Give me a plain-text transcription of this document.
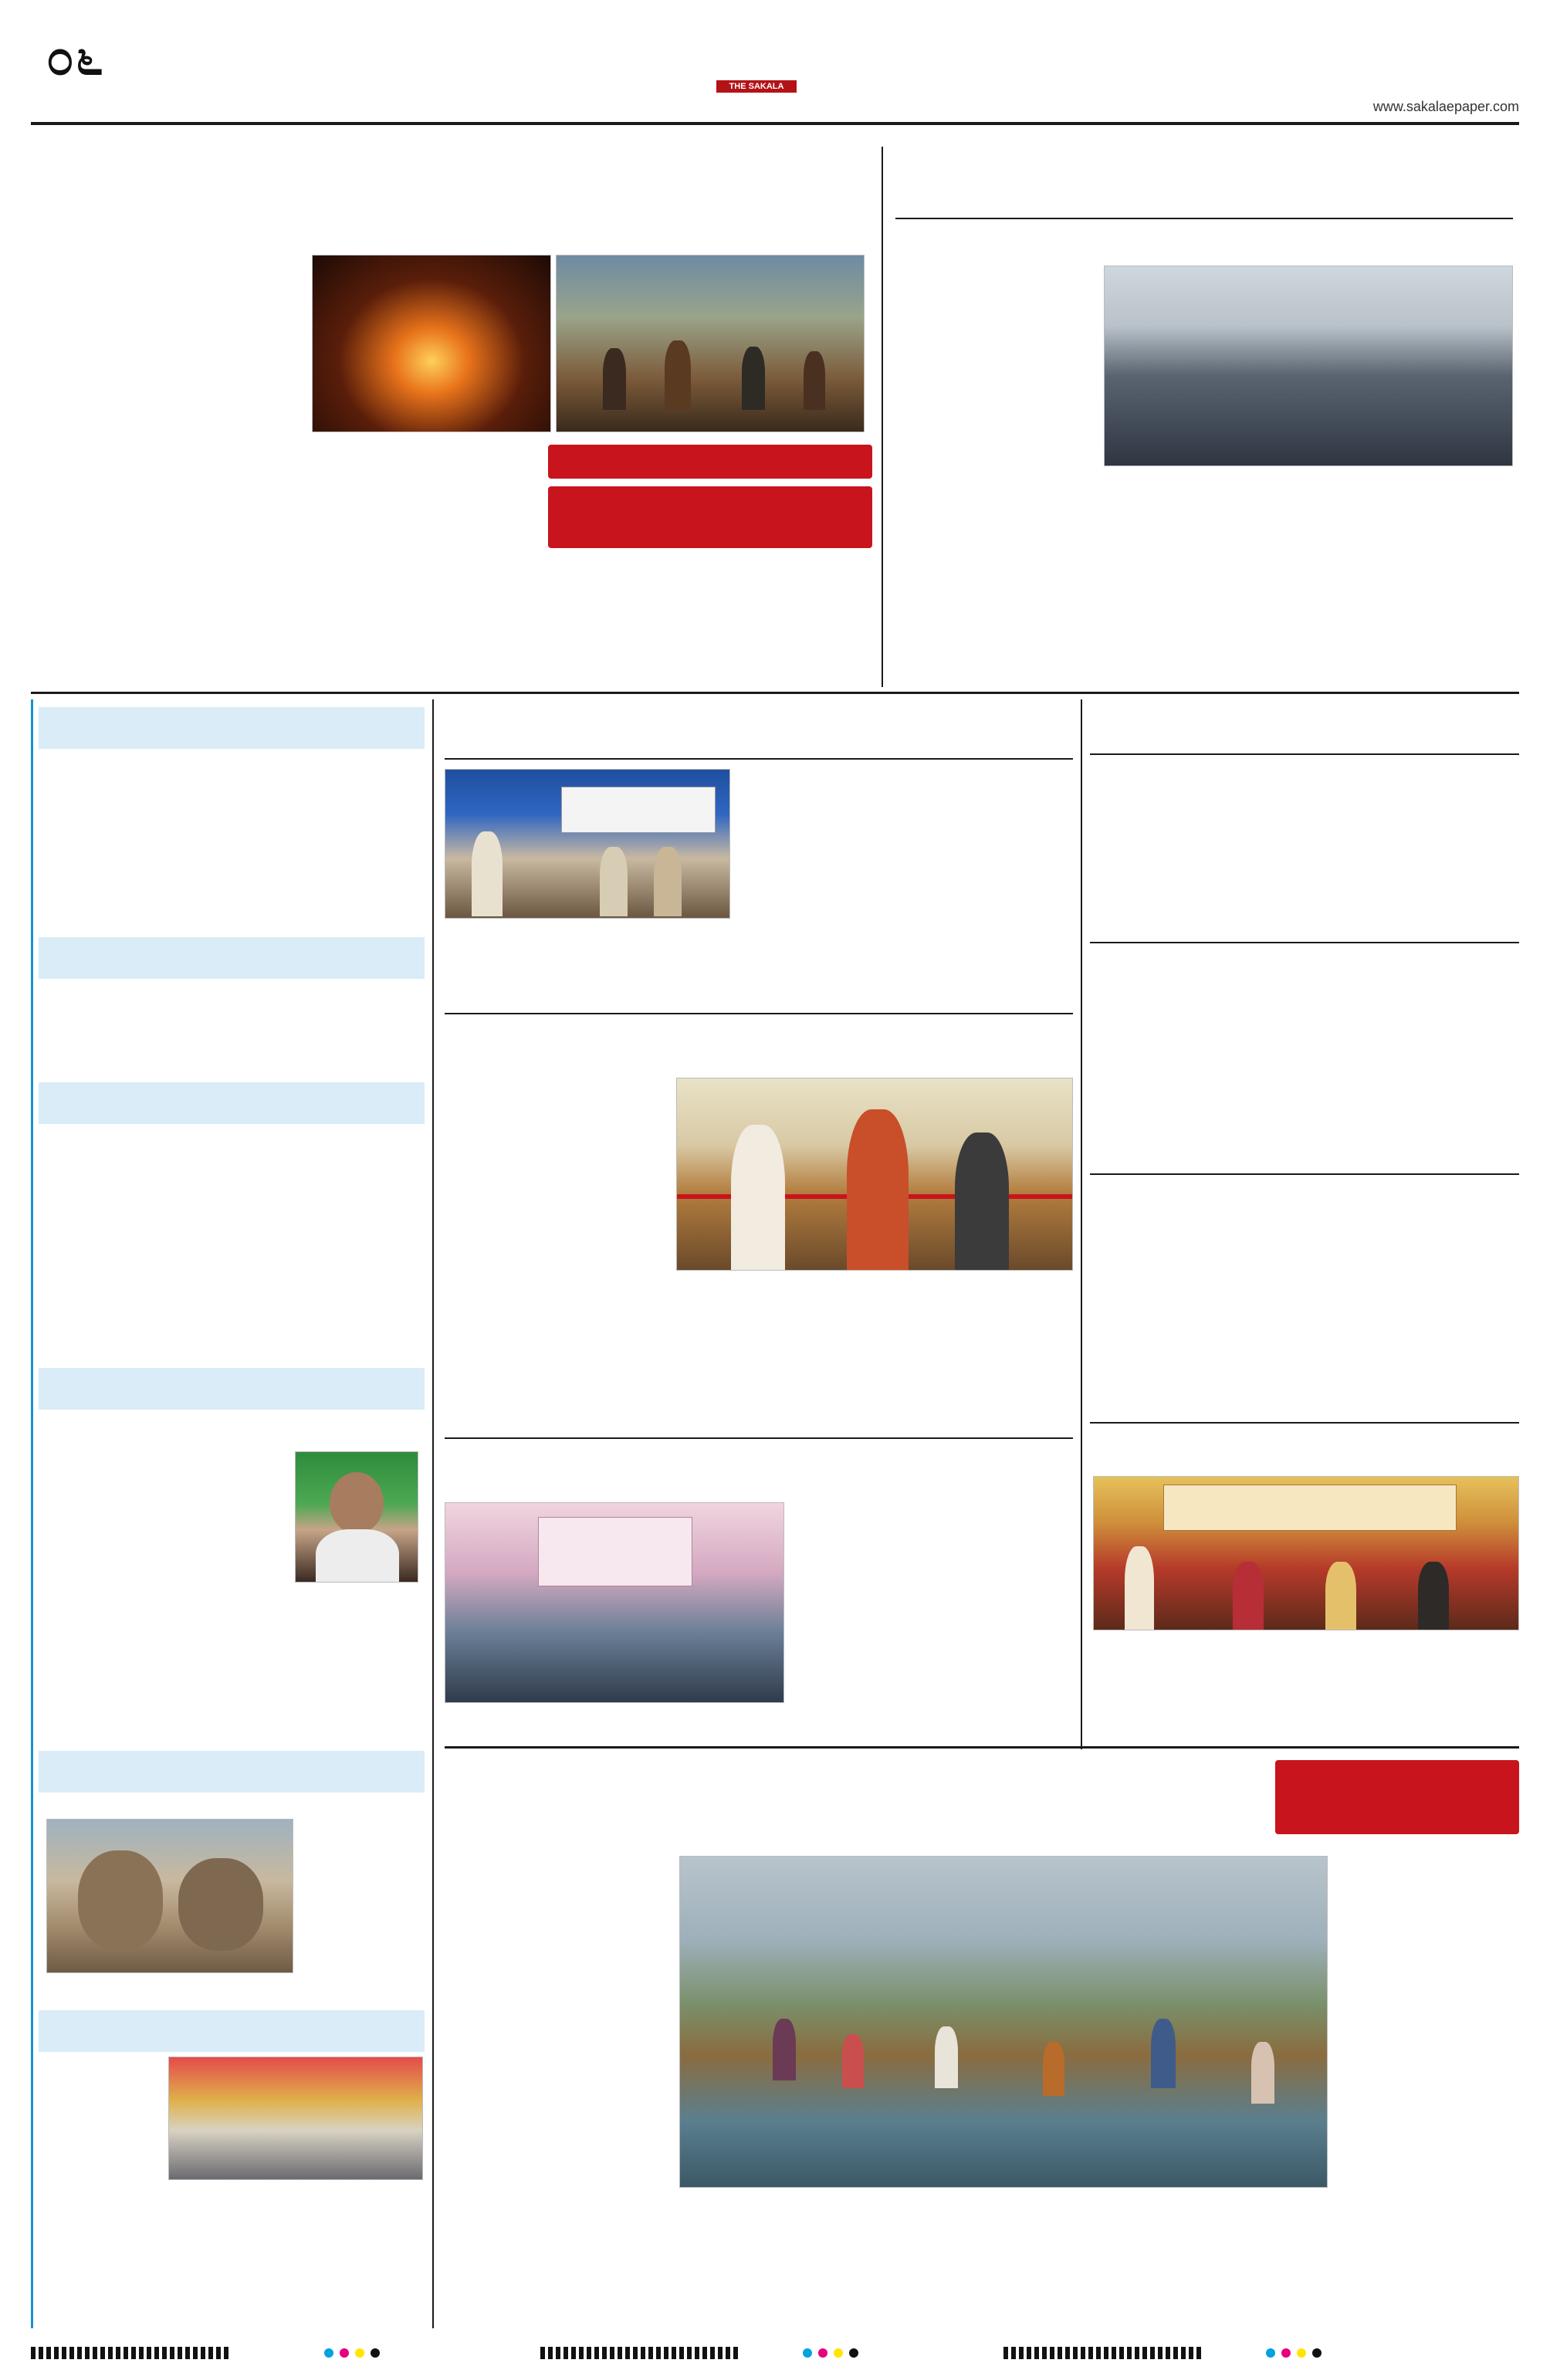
೦೬	THE SAKALA
www.sakalaepaper.com
